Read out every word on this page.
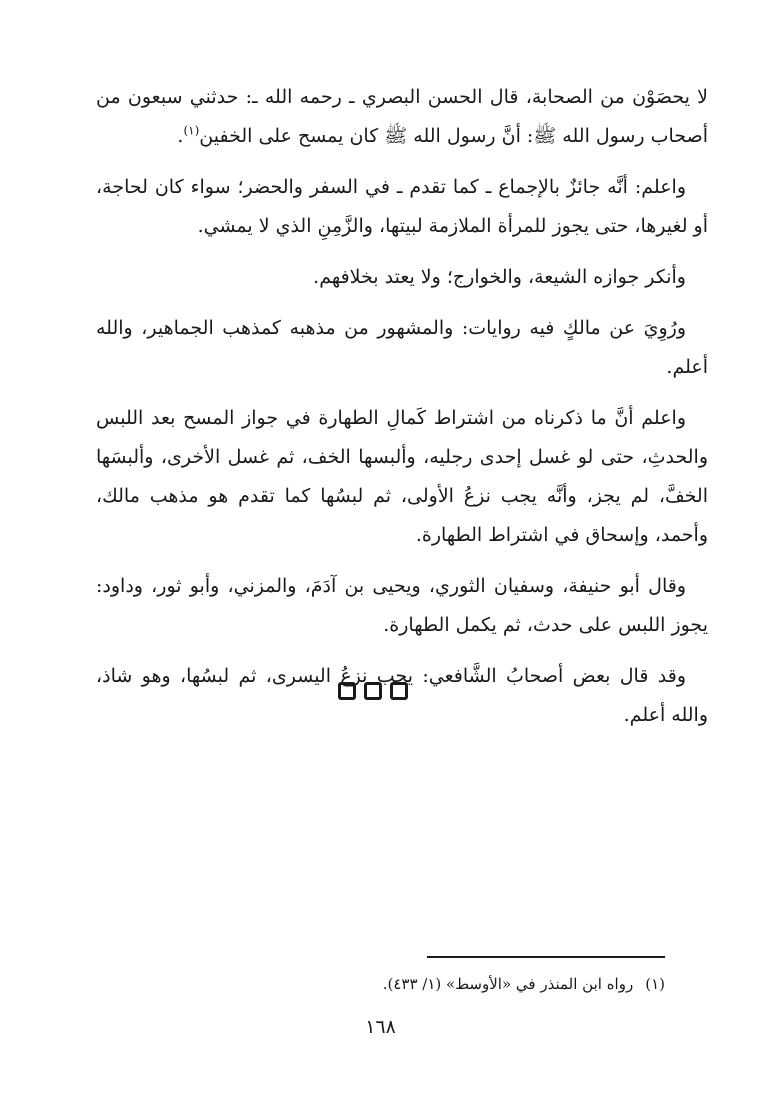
لا يحصَوْن من الصحابة، قال الحسن البصري ـ رحمه الله ـ: حدثني سبعون من أصحاب رسول الله ﷺ: أنَّ رسول الله ﷺ كان يمسح على الخفين$^{(١)}$.

واعلم: أنَّه جائزٌ بالإجماع ـ كما تقدم ـ في السفر والحضر؛ سواء كان لحاجة، أو لغيرها، حتى يجوز للمرأة الملازمة لبيتها، والزَّمِنِ الذي لا يمشي.

وأنكر جوازه الشيعة، والخوارج؛ ولا يعتد بخلافهم.

ورُوِيَ عن مالكٍ فيه روايات: والمشهور من مذهبه كمذهب الجماهير، والله أعلم.

واعلم أنَّ ما ذكرناه من اشتراط كَمالِ الطهارة في جواز المسح بعد اللبس والحدثِ، حتى لو غسل إحدى رجليه، وألبسها الخف، ثم غسل الأخرى، وألبسَها الخفَّ، لم يجز، وأنَّه يجب نزعُ الأولى، ثم لبسُها كما تقدم هو مذهب مالك، وأحمد، وإسحاق في اشتراط الطهارة.

وقال أبو حنيفة، وسفيان الثوري، ويحيى بن آدَمَ، والمزني، وأبو ثور، وداود: يجوز اللبس على حدث، ثم يكمل الطهارة.

وقد قال بعض أصحابُ الشَّافعي: يجب نزعُ اليسرى، ثم لبسُها، وهو شاذ، والله أعلم.

(١)رواه ابن المنذر في «الأوسط» (١/ ٤٣٣).
١٦٨
